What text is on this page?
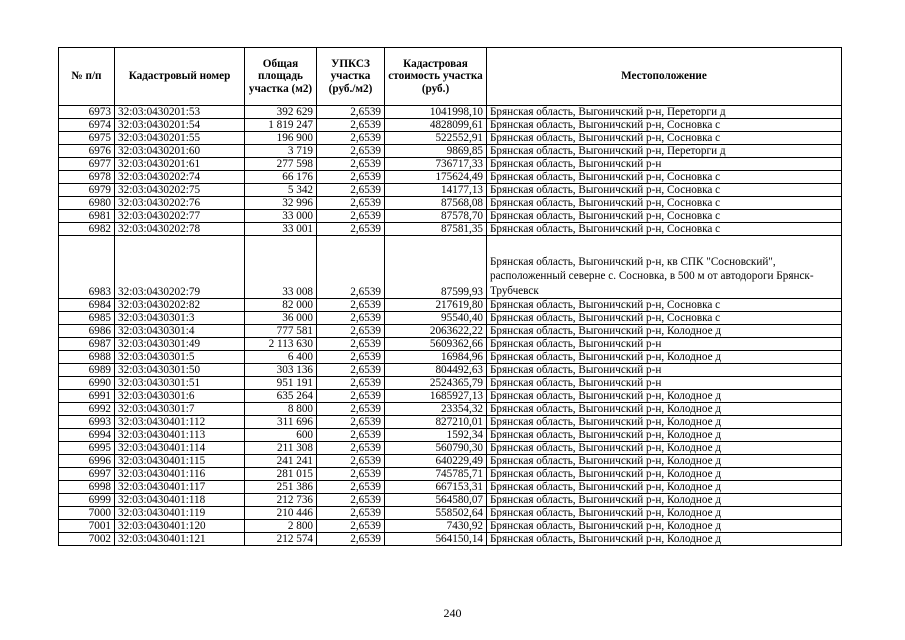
№ п/п	Кадастровый номер	Общая площадь участка (м2)	УПКСЗ участка (руб./м2)	Кадастровая стоимость участка (руб.)	Местоположение
6973	32:03:0430201:53	392 629	2,6539	1041998,10	Брянская область, Выгоничский р-н, Переторги д
6974	32:03:0430201:54	1 819 247	2,6539	4828099,61	Брянская область, Выгоничский р-н, Сосновка с
6975	32:03:0430201:55	196 900	2,6539	522552,91	Брянская область, Выгоничский р-н, Сосновка с
6976	32:03:0430201:60	3 719	2,6539	9869,85	Брянская область, Выгоничский р-н, Переторги д
6977	32:03:0430201:61	277 598	2,6539	736717,33	Брянская область, Выгоничский р-н
6978	32:03:0430202:74	66 176	2,6539	175624,49	Брянская область, Выгоничский р-н, Сосновка с
6979	32:03:0430202:75	5 342	2,6539	14177,13	Брянская область, Выгоничский р-н, Сосновка с
6980	32:03:0430202:76	32 996	2,6539	87568,08	Брянская область, Выгоничский р-н, Сосновка с
6981	32:03:0430202:77	33 000	2,6539	87578,70	Брянская область, Выгоничский р-н, Сосновка с
6982	32:03:0430202:78	33 001	2,6539	87581,35	Брянская область, Выгоничский р-н, Сосновка с
6983	32:03:0430202:79	33 008	2,6539	87599,93	Брянская область, Выгоничский р-н, кв СПК "Сосновский", расположенный северне с. Сосновка, в 500 м от автодороги Брянск-Трубчевск
6984	32:03:0430202:82	82 000	2,6539	217619,80	Брянская область, Выгоничский р-н, Сосновка с
6985	32:03:0430301:3	36 000	2,6539	95540,40	Брянская область, Выгоничский р-н, Сосновка с
6986	32:03:0430301:4	777 581	2,6539	2063622,22	Брянская область, Выгоничский р-н, Колодное д
6987	32:03:0430301:49	2 113 630	2,6539	5609362,66	Брянская область, Выгоничский р-н
6988	32:03:0430301:5	6 400	2,6539	16984,96	Брянская область, Выгоничский р-н, Колодное д
6989	32:03:0430301:50	303 136	2,6539	804492,63	Брянская область, Выгоничский р-н
6990	32:03:0430301:51	951 191	2,6539	2524365,79	Брянская область, Выгоничский р-н
6991	32:03:0430301:6	635 264	2,6539	1685927,13	Брянская область, Выгоничский р-н, Колодное д
6992	32:03:0430301:7	8 800	2,6539	23354,32	Брянская область, Выгоничский р-н, Колодное д
6993	32:03:0430401:112	311 696	2,6539	827210,01	Брянская область, Выгоничский р-н, Колодное д
6994	32:03:0430401:113	600	2,6539	1592,34	Брянская область, Выгоничский р-н, Колодное д
6995	32:03:0430401:114	211 308	2,6539	560790,30	Брянская область, Выгоничский р-н, Колодное д
6996	32:03:0430401:115	241 241	2,6539	640229,49	Брянская область, Выгоничский р-н, Колодное д
6997	32:03:0430401:116	281 015	2,6539	745785,71	Брянская область, Выгоничский р-н, Колодное д
6998	32:03:0430401:117	251 386	2,6539	667153,31	Брянская область, Выгоничский р-н, Колодное д
6999	32:03:0430401:118	212 736	2,6539	564580,07	Брянская область, Выгоничский р-н, Колодное д
7000	32:03:0430401:119	210 446	2,6539	558502,64	Брянская область, Выгоничский р-н, Колодное д
7001	32:03:0430401:120	2 800	2,6539	7430,92	Брянская область, Выгоничский р-н, Колодное д
7002	32:03:0430401:121	212 574	2,6539	564150,14	Брянская область, Выгоничский р-н, Колодное д
240
